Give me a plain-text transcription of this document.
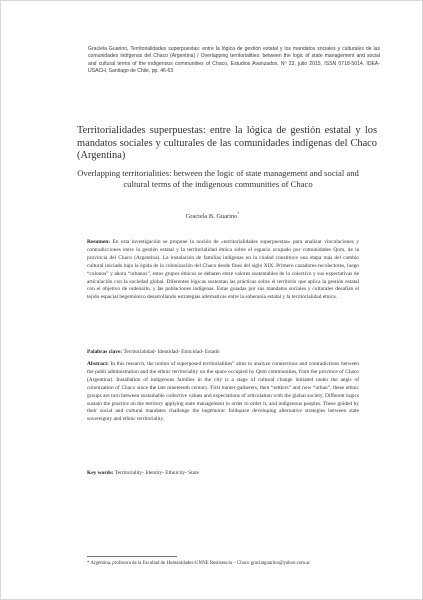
Graciela Guarino, Territorialidades superpuestas: entre la lógica de gestión estatal y los mandatos sociales y culturales de las comunidades indígenas del Chaco (Argentina) / Overlapping territorialities: between the logic of state management and social and cultural terms of the indigenous communities of Chaco, Estudios Avanzados, Nº 23, julio 2015, ISSN 0718-5014, IDEA-USACH, Santiago de Chile, pp. 46-63
Territorialidades superpuestas: entre la lógica de gestión estatal y los mandatos sociales y culturales de las comunidades indígenas del Chaco (Argentina)
Overlapping territorialities: between the logic of state management and social and cultural terms of the indigenous communities of Chaco
Graciela B. Guarino*
Resumen: En esta investigación se propone la noción de «territorialidades superpuestas» para analizar vinculaciones y contradicciones entre la gestión estatal y la territorialidad étnica sobre el espacio ocupado por comunidades Qom, de la provincia del Chaco (Argentina). La instalación de familias indígenas en la ciudad constituye una etapa más del cambio cultural iniciado bajo la égida de la colonización del Chaco desde fines del siglo XIX. Primero cazadores-recolectores, luego “colonos” y ahora “urbanos”, estos grupos étnicos se debaten entre valores sustentables de lo colectivo y sus expectativas de articulación con la sociedad global. Diferentes lógicas sustentan las prácticas sobre el territorio que aplica la gestión estatal con el objetivo de ordenarlo, y las poblaciones indígenas. Estas guiadas por sus mandatos sociales y culturales desafían el tejido espacial hegemónico desarrollando estrategias alternativas entre la soberanía estatal y la territorialidad étnica.
Palabras clave: Territorialidad- Identidad- Etnicidad- Estado
Abstract: In this research, the notion of superposed territorialities” aims to analyze connections and contradictions between the publi administration and the ethnic territoriality on the space occupied by Qom communities, from the province of Chaco (Argentina). Installation of indigenous families in the city is a stage of cultural change initiated under the aegis of colonization of Chaco since the late nineteenth century. First hunter-gatherers, then “settlers” and now “urban”, these ethnic groups are torn between sustainable collective values and expectations of articulation with the global society. Different logics sustain the practice on the territory applying state management in order to order it, and indigenous peoples. These guided by their social and cultural mandates challenge the hegemonic foldspace developing alternative strategies between state sovereignty and ethnic territoriality.
Key words: Territoriality- Identity- Ethnicity- State
* Argentina, profesora de la Facultad de Humanidades-UNNE Resistencia – Chaco graciatguarino@yahoo.com.ar
